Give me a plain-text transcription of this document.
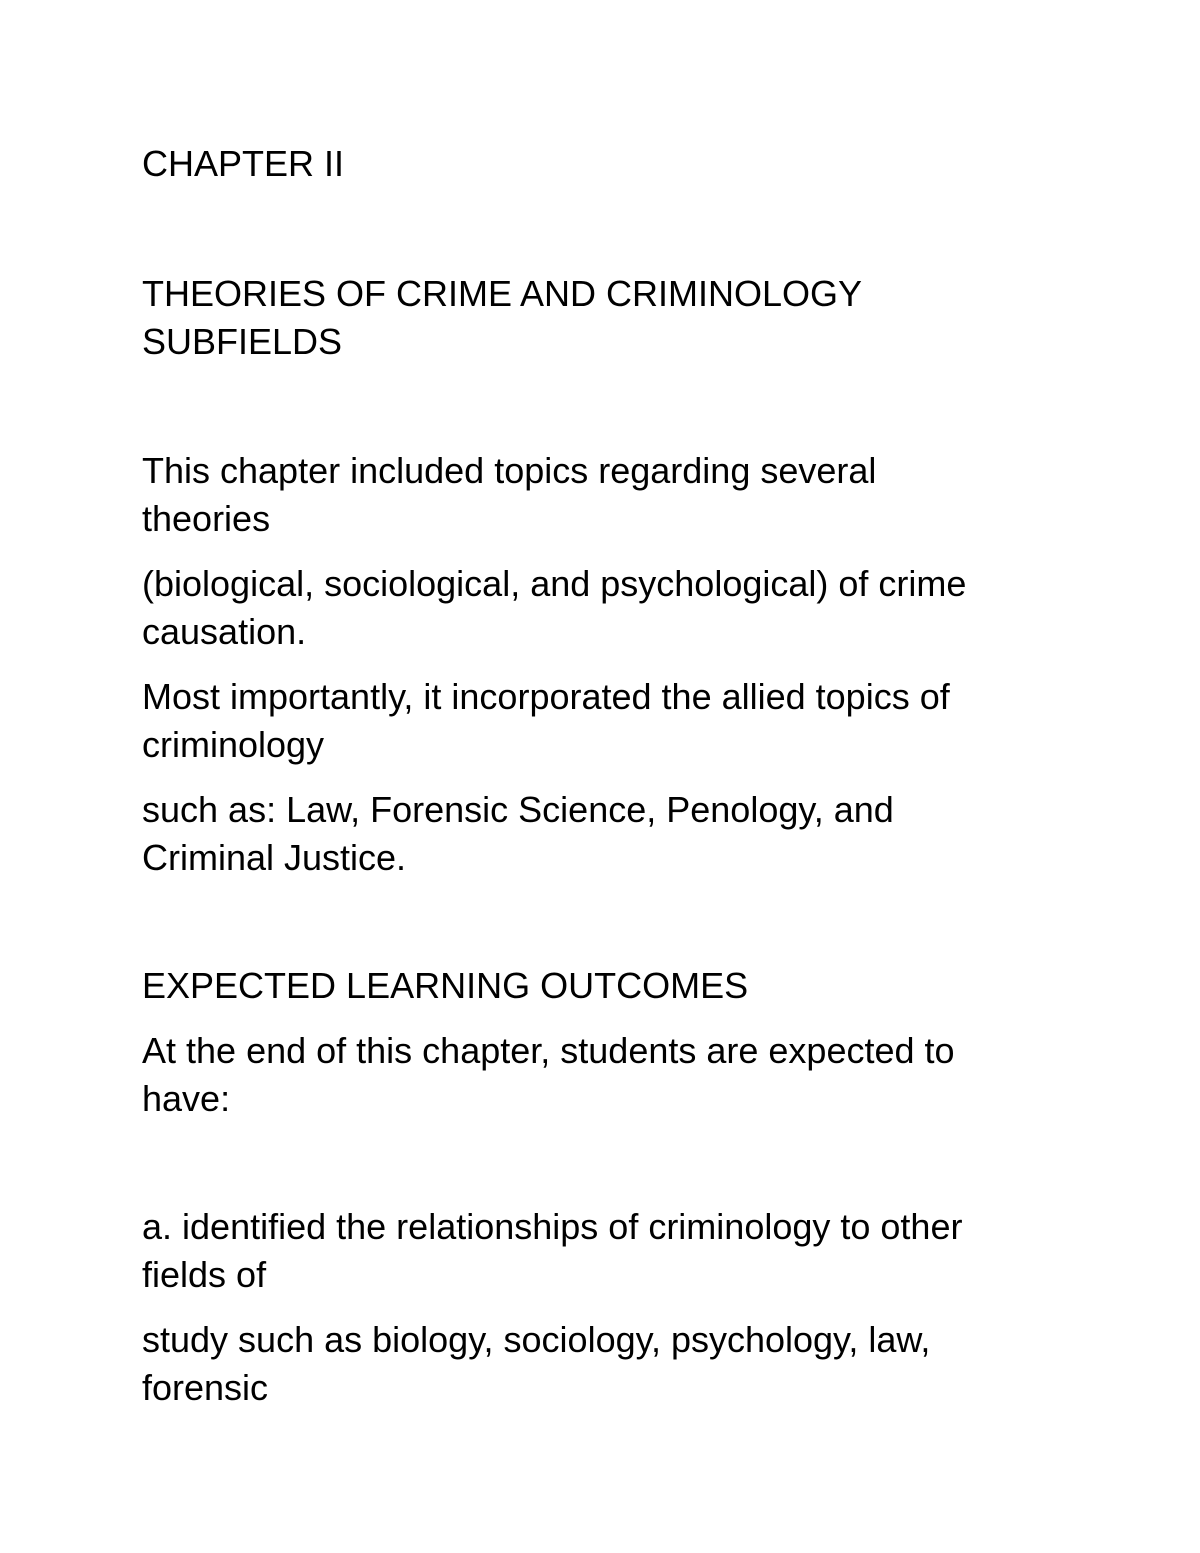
CHAPTER II
THEORIES OF CRIME AND CRIMINOLOGY
SUBFIELDS

This chapter included topics regarding several

theories

(biological, sociological, and psychological) of crime

causation.

Most importantly, it incorporated the allied topics of

criminology

such as: Law, Forensic Science, Penology, and

Criminal Justice.

EXPECTED LEARNING OUTCOMES

At the end of this chapter, students are expected to

have:

a. identified the relationships of criminology to other

fields of

study such as biology, sociology, psychology, law,

forensic
